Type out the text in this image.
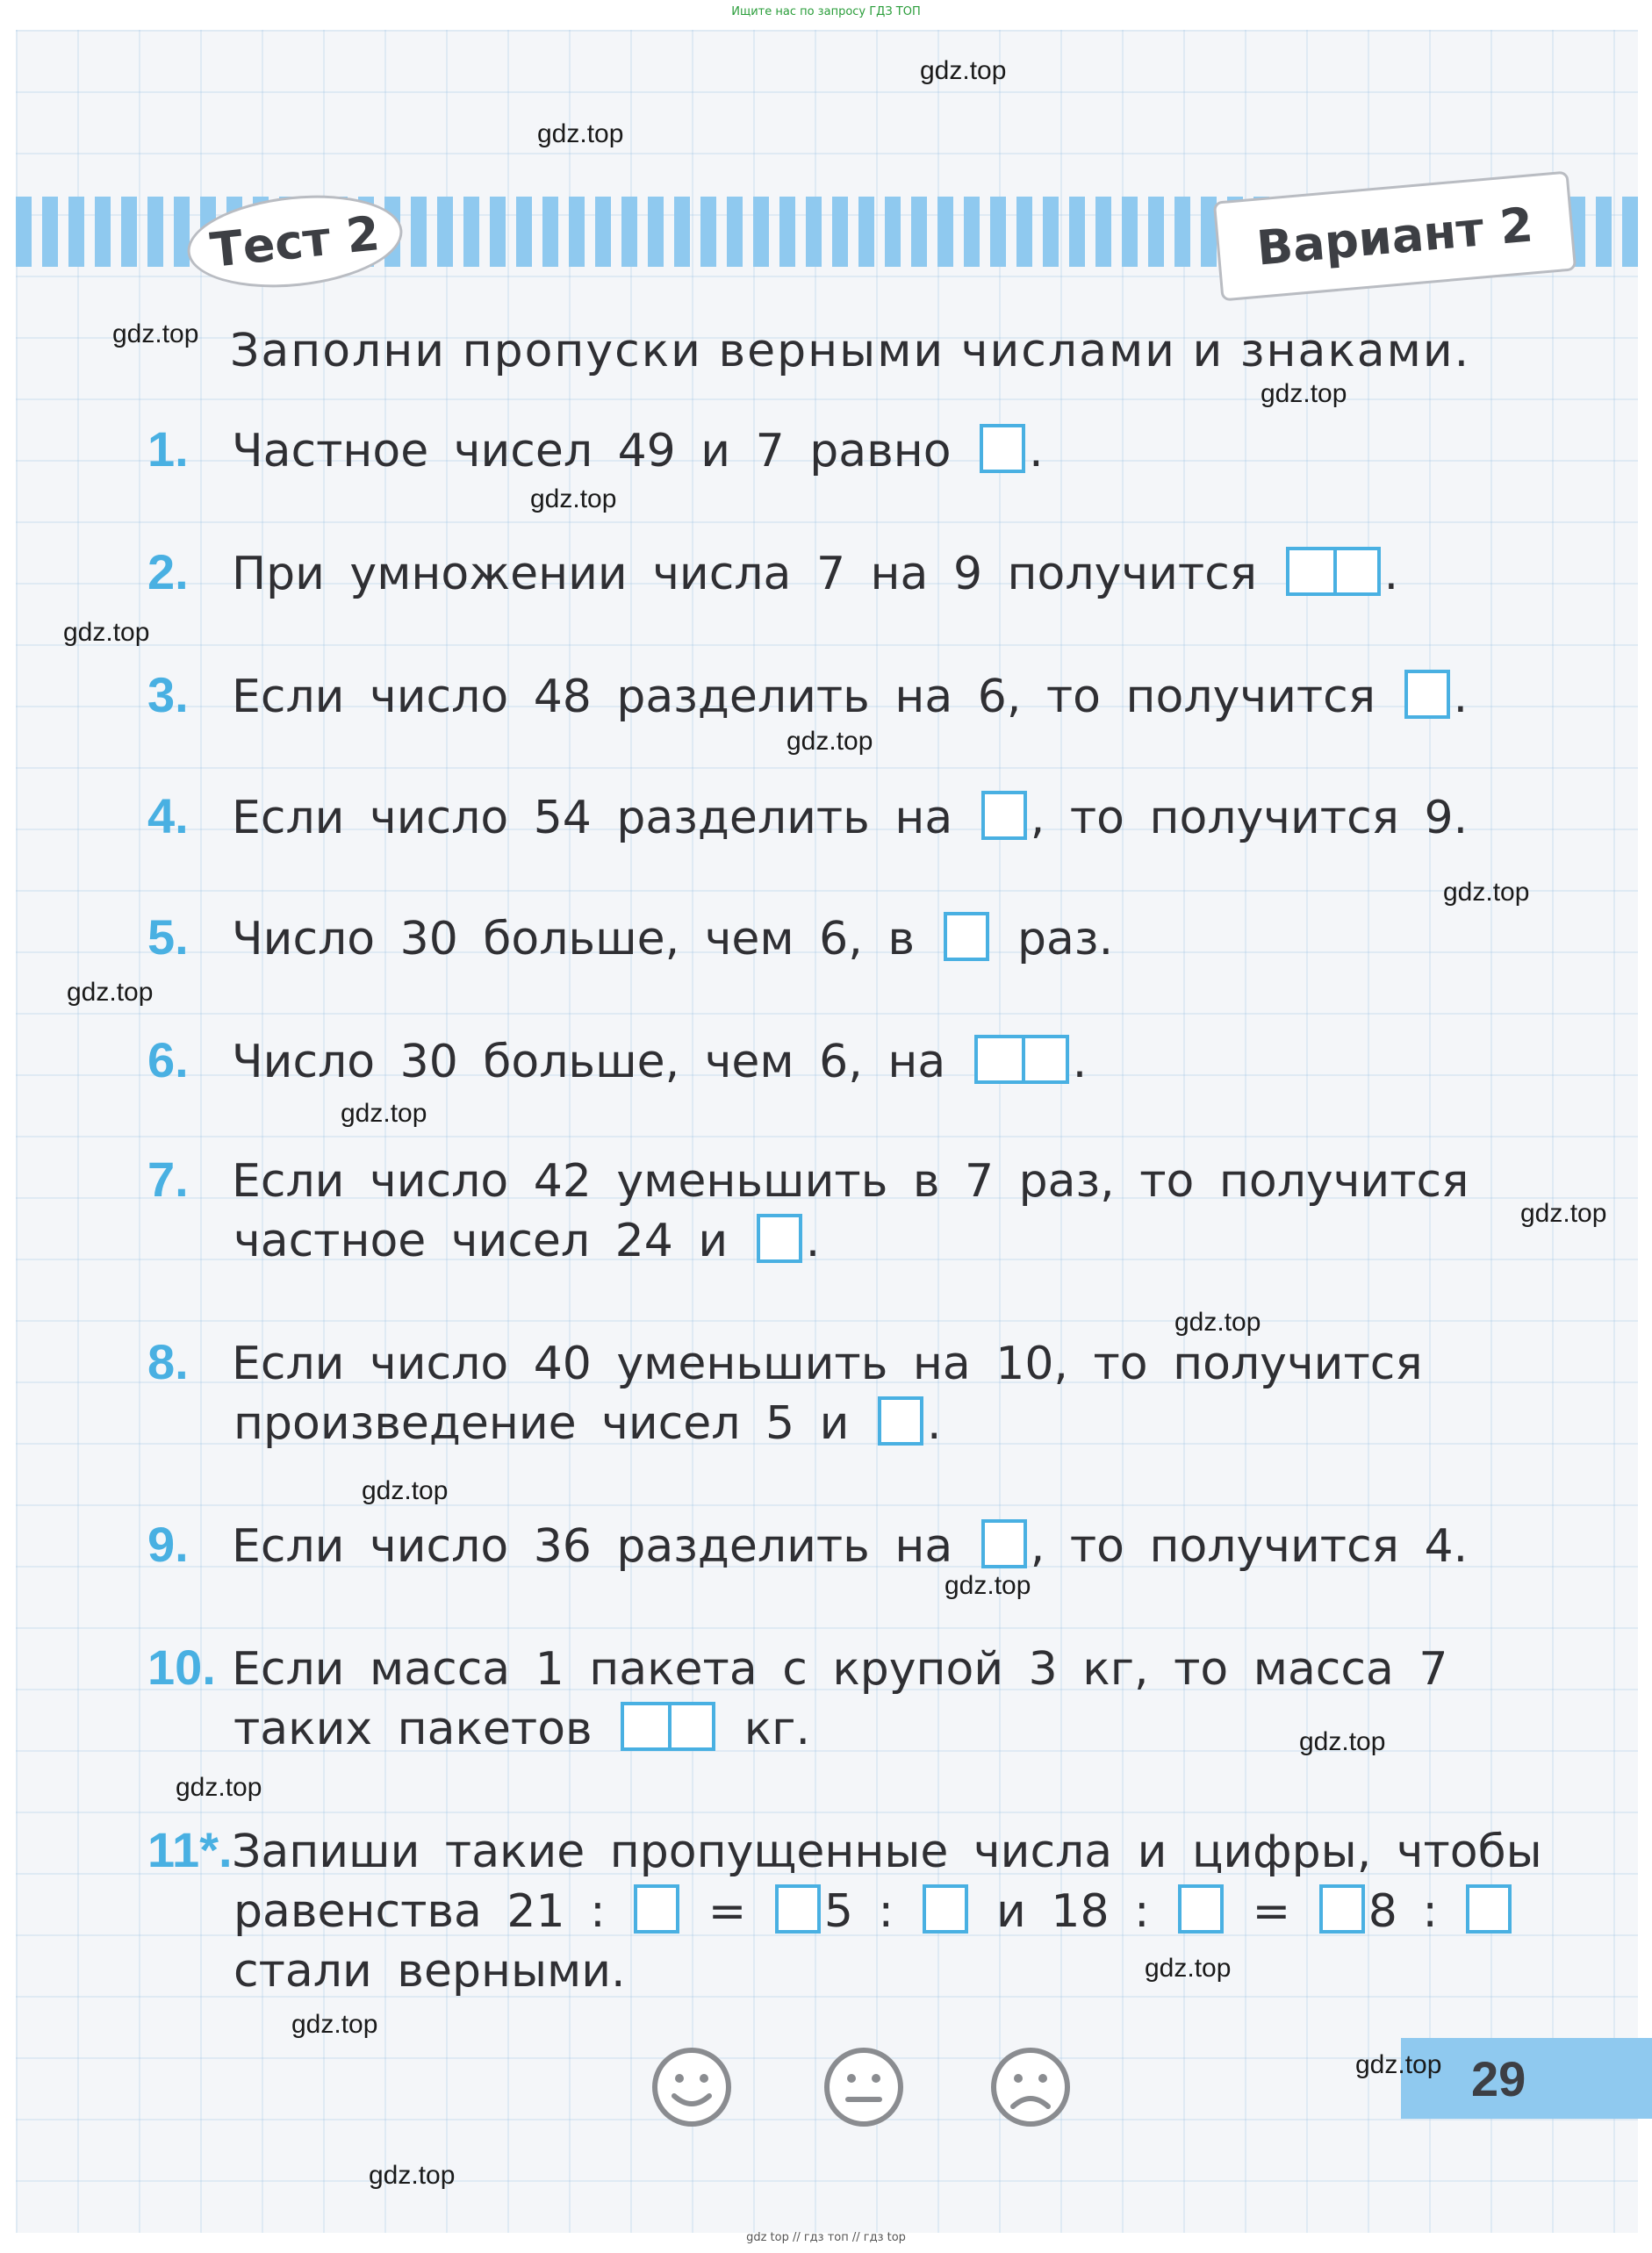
Ищите нас по запросу ГДЗ ТОП
Тест 2	Вариант 2
Заполни пропуски верными числами и знаками.
1. Частное чисел 49 и 7 равно .
2. При умножении числа 7 на 9 получится	.
3. Если число 48 разделить на 6, то получится .
4. Если число 54 разделить на , то получится 9.
5. Число 30 больше, чем 6, в раз.
6. Число 30 больше, чем 6, на	.
7. Если число 42 уменьшить в 7 раз, то получится
частное чисел 24 и .
8. Если число 40 уменьшить на 10, то получится
произведение чисел 5 и .
9. Если число 36 разделить на , то получится 4.
10. Если масса 1 пакета с крупой 3 кг, то масса 7
таких пакетов	кг.
11*.Запиши такие пропущенные числа и цифры, чтобы
равенства 21 : = 5 : и 18 : = 8 :
стали верными.
29
gdz.top
gdz.top
gdz.top
gdz.top
gdz.top
gdz.top
gdz.top
gdz.top
gdz.top
gdz.top
gdz.top
gdz.top
gdz.top
gdz.top
gdz.top
gdz.top
gdz.top
gdz.top
gdz.top
gdz.top
gdz top // гдз топ // гдз top
